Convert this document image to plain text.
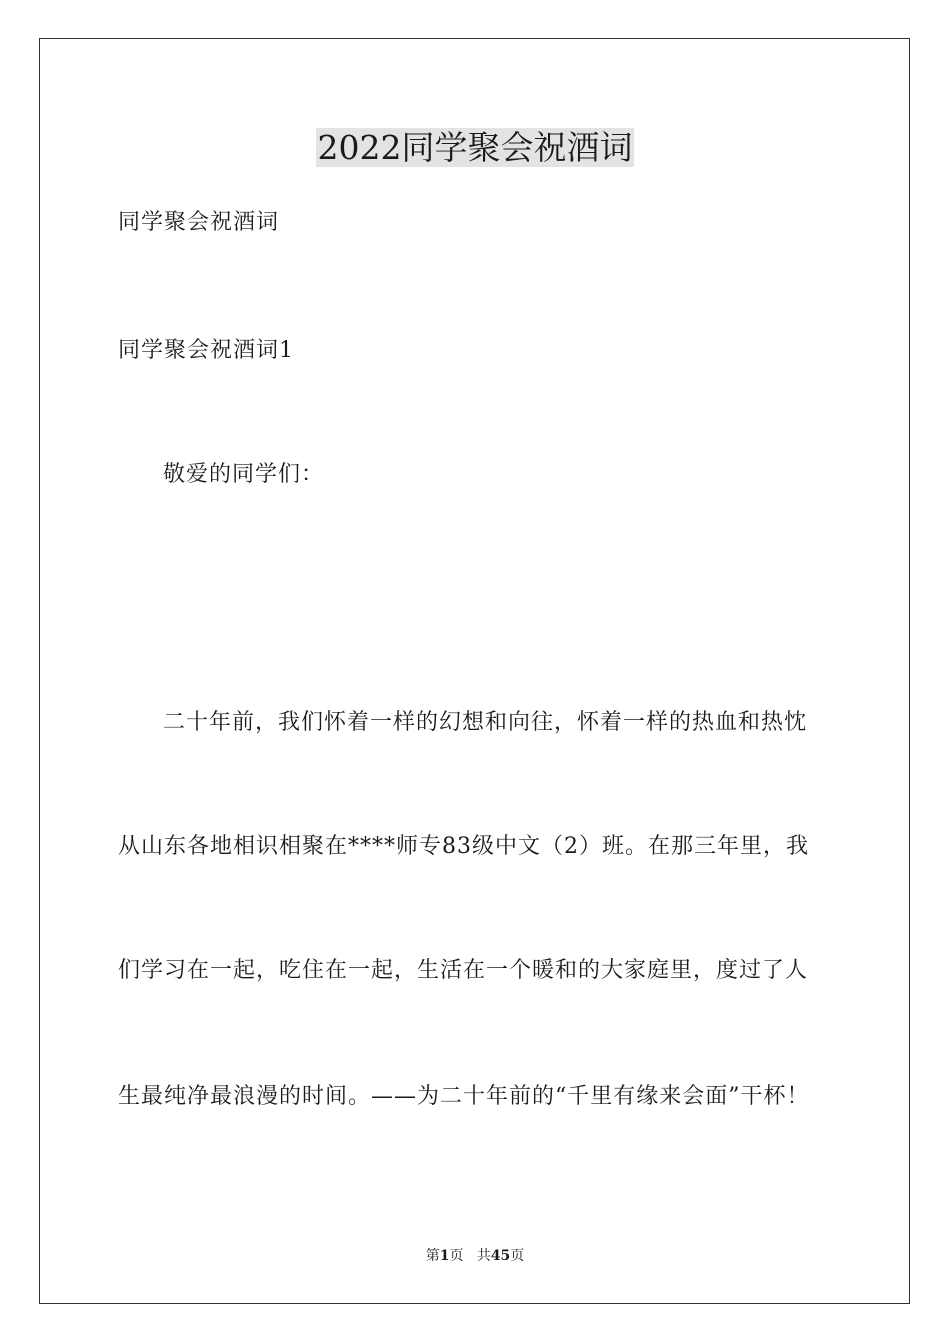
2022同学聚会祝酒词
同学聚会祝酒词
同学聚会祝酒词1
敬爱的同学们：
二十年前，我们怀着一样的幻想和向往，怀着一样的热血和热忱
从山东各地相识相聚在****师专83级中文（2）班。在那三年里，我
们学习在一起，吃住在一起，生活在一个暖和的大家庭里，度过了人
生最纯净最浪漫的时间。——为二十年前的“千里有缘来会面”干杯！
第1页 共45页
